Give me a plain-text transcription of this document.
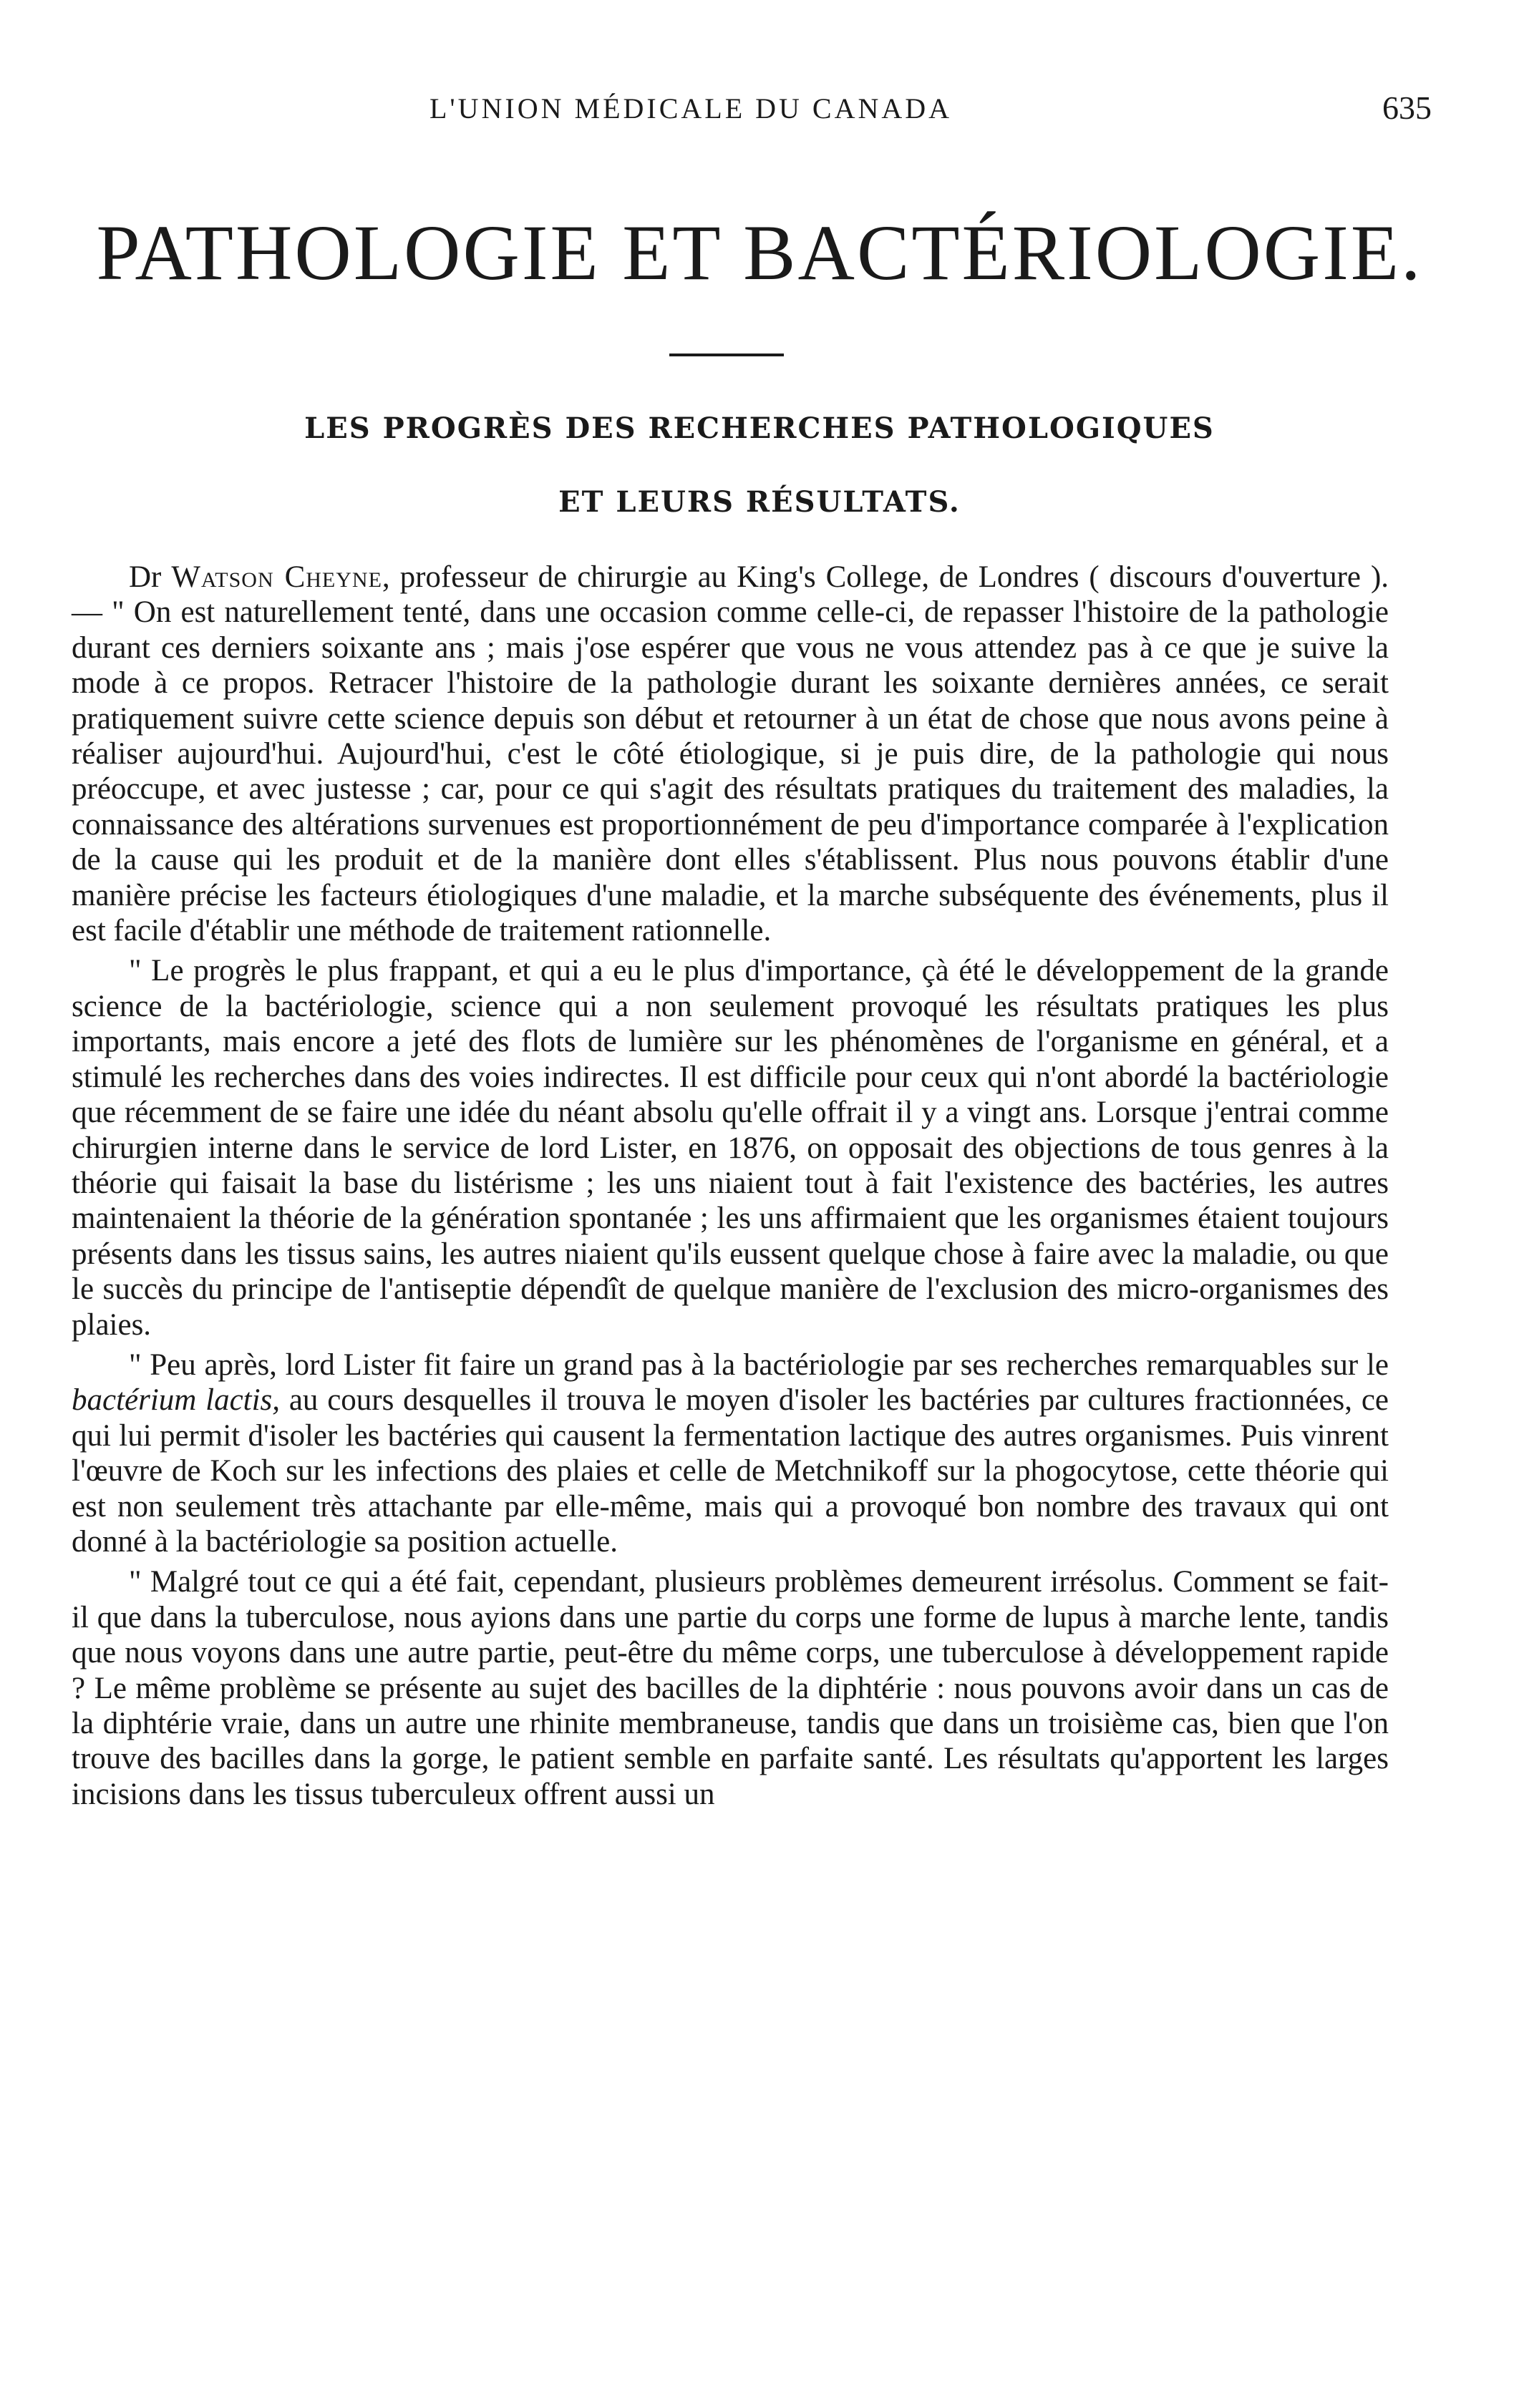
L'UNION MÉDICALE DU CANADA	635
PATHOLOGIE ET BACTÉRIOLOGIE.
LES PROGRÈS DES RECHERCHES PATHOLOGIQUES
ET LEURS RÉSULTATS.

Dr Watson Cheyne, professeur de chirurgie au King's College, de Londres ( discours d'ouverture ). — " On est naturellement tenté, dans une occasion comme celle-ci, de repasser l'histoire de la pathologie durant ces derniers soixante ans ; mais j'ose espérer que vous ne vous attendez pas à ce que je suive la mode à ce propos. Retracer l'histoire de la pathologie durant les soixante dernières années, ce serait pratiquement suivre cette science depuis son début et retourner à un état de chose que nous avons peine à réaliser aujourd'hui. Aujourd'hui, c'est le côté étiologique, si je puis dire, de la pathologie qui nous préoccupe, et avec justesse ; car, pour ce qui s'agit des résultats pratiques du traitement des maladies, la connaissance des altérations survenues est proportionnément de peu d'importance comparée à l'explication de la cause qui les produit et de la manière dont elles s'établissent. Plus nous pouvons établir d'une manière précise les facteurs étiologiques d'une maladie, et la marche subséquente des événements, plus il est facile d'établir une méthode de traitement rationnelle.

" Le progrès le plus frappant, et qui a eu le plus d'importance, çà été le développement de la grande science de la bactériologie, science qui a non seulement provoqué les résultats pratiques les plus importants, mais encore a jeté des flots de lumière sur les phénomènes de l'organisme en général, et a stimulé les recherches dans des voies indirectes. Il est difficile pour ceux qui n'ont abordé la bactériologie que récemment de se faire une idée du néant absolu qu'elle offrait il y a vingt ans. Lorsque j'entrai comme chirurgien interne dans le service de lord Lister, en 1876, on opposait des objections de tous genres à la théorie qui faisait la base du listérisme ; les uns niaient tout à fait l'existence des bactéries, les autres maintenaient la théorie de la génération spontanée ; les uns affirmaient que les organismes étaient toujours présents dans les tissus sains, les autres niaient qu'ils eussent quelque chose à faire avec la maladie, ou que le succès du principe de l'antiseptie dépendît de quelque manière de l'exclusion des micro-organismes des plaies.

" Peu après, lord Lister fit faire un grand pas à la bactériologie par ses recherches remarquables sur le bactérium lactis, au cours desquelles il trouva le moyen d'isoler les bactéries par cultures fractionnées, ce qui lui permit d'isoler les bactéries qui causent la fermentation lactique des autres organismes. Puis vinrent l'œuvre de Koch sur les infections des plaies et celle de Metchnikoff sur la phogocytose, cette théorie qui est non seulement très attachante par elle-même, mais qui a provoqué bon nombre des travaux qui ont donné à la bactériologie sa position actuelle.

" Malgré tout ce qui a été fait, cependant, plusieurs problèmes demeurent irrésolus. Comment se fait-il que dans la tuberculose, nous ayions dans une partie du corps une forme de lupus à marche lente, tandis que nous voyons dans une autre partie, peut-être du même corps, une tuberculose à développement rapide ? Le même problème se présente au sujet des bacilles de la diphtérie : nous pouvons avoir dans un cas de la diphtérie vraie, dans un autre une rhinite membraneuse, tandis que dans un troisième cas, bien que l'on trouve des bacilles dans la gorge, le patient semble en parfaite santé. Les résultats qu'apportent les larges incisions dans les tissus tuberculeux offrent aussi un
